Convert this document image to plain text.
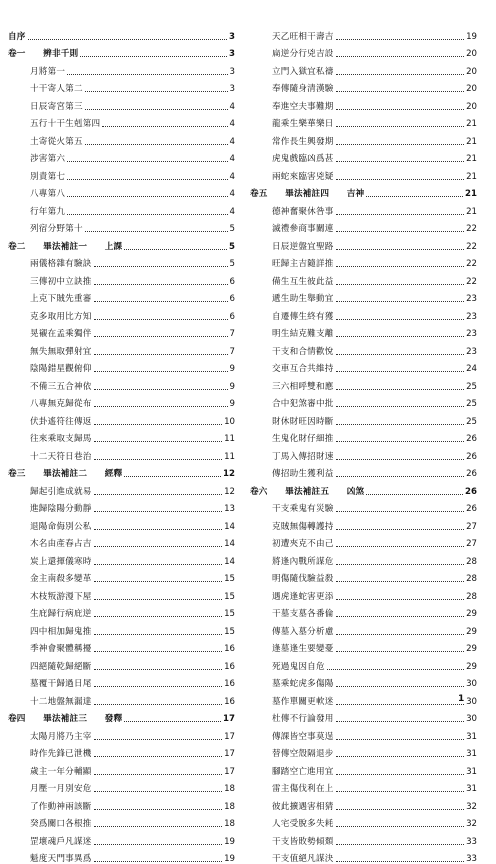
自序	3
卷一　　辨非千則	3
月將第一	3
十干寄人第二	3
日辰寄宮第三	4
五行十干生剋第四	4
土寄從火第五	4
涉害第六	4
別責第七	4
八專第八	4
行年第九	4
列宿分野第十	5
卷二　　畢法補註一　　上課	5
兩儀格雜有驗訣	5
三傳初中立訣推	6
上克下賊先重審	6
克多取用比方知	6
晃襯在孟乘獨伴	7
無失無取彈射宜	7
陰陽錯星觀俯仰	9
不備三五合神依	9
八專無克歸從布	9
伏卦遙符往傳返	10
往來乘取支歸馬	11
十二天符日巷治	11
卷三　　畢法補註二　　經釋	12
歸起引進成就易	12
進歸陰陽分動靜	13
退陽命侮別公私	14
木名由產春占吉	14
炭上還揮儀寒時	14
金主南殺多變革	15
木枝叛游漫下屋	15
生庇歸行病庇逆	15
四中相加歸鬼推	15
季神會聚體稱擾	16
四絕隨乾歸絕斷	16
墓覆干歸過日尾	16
十二地盤無漏達	16
卷四　　畢法補註三　　發釋	17
太陽月將乃主宰	17
時作先鋒已泄機	17
歲主一年分輔顯	17
月壓一月別安危	18
了作動神兩該斷	18
癸爲關口各根推	18
罡壞魂戶凡謀迷	19
魁度天門事異爲	19
天乙旺相干壽吉	19
扁逆分行兇吉設	20
立門入獄宜私禱	20
奉傳隨身清漢驗	20
奉進空夫事難期	20
龍乘生樂華樂日	21
常作長生興發期	21
虎鬼戲臨凶爲甚	21
兩蛇來臨害兇疑	21
卷五　　畢法補註四　　吉神	21
德神奮聚休咎事	21
滅禮參商事關連	22
日辰逆盤宜聖路	22
旺歸主吉隨詳推	22
備生互生彼此益	22
遞生助生舉動宜	23
自遷傳生終有獲	23
明生結克難支離	23
干支和合情歡悅	23
交車互合共維持	24
三六相呼雙和應	25
合中犯煞審中批	25
財休財旺因時斷	25
生鬼化財仔細推	26
丁馬入傳招財速	26
傳招助生獲利益	26
卷六　　畢法補註五　　凶煞	26
干支乘鬼有災驗	26
克賊無傷轉護持	27
初遭夾克不由己	27
將逢內戰所謀危	28
明傷隨伐驗益殺	28
遇虎逢蛇害更添	28
干墓支墓各番倫	29
傳墓入墓分析慮	29
逢墓逢生要變憂	29
死過鬼因自危	29
墓乘蛇虎多傷陽	30
墓作單關更軟迷	30
杜傳不行論發用	30
傳課皆空事莫逞	31
替傳空殼隔退步	31
腳踏空亡進用宜	31
雷主傷伐利在上	31
彼此擴遇害相猜	32
人宅受脫多失耗	32
干支皆敗勢傾頹	33
干支值絕凡謀決	33
1
